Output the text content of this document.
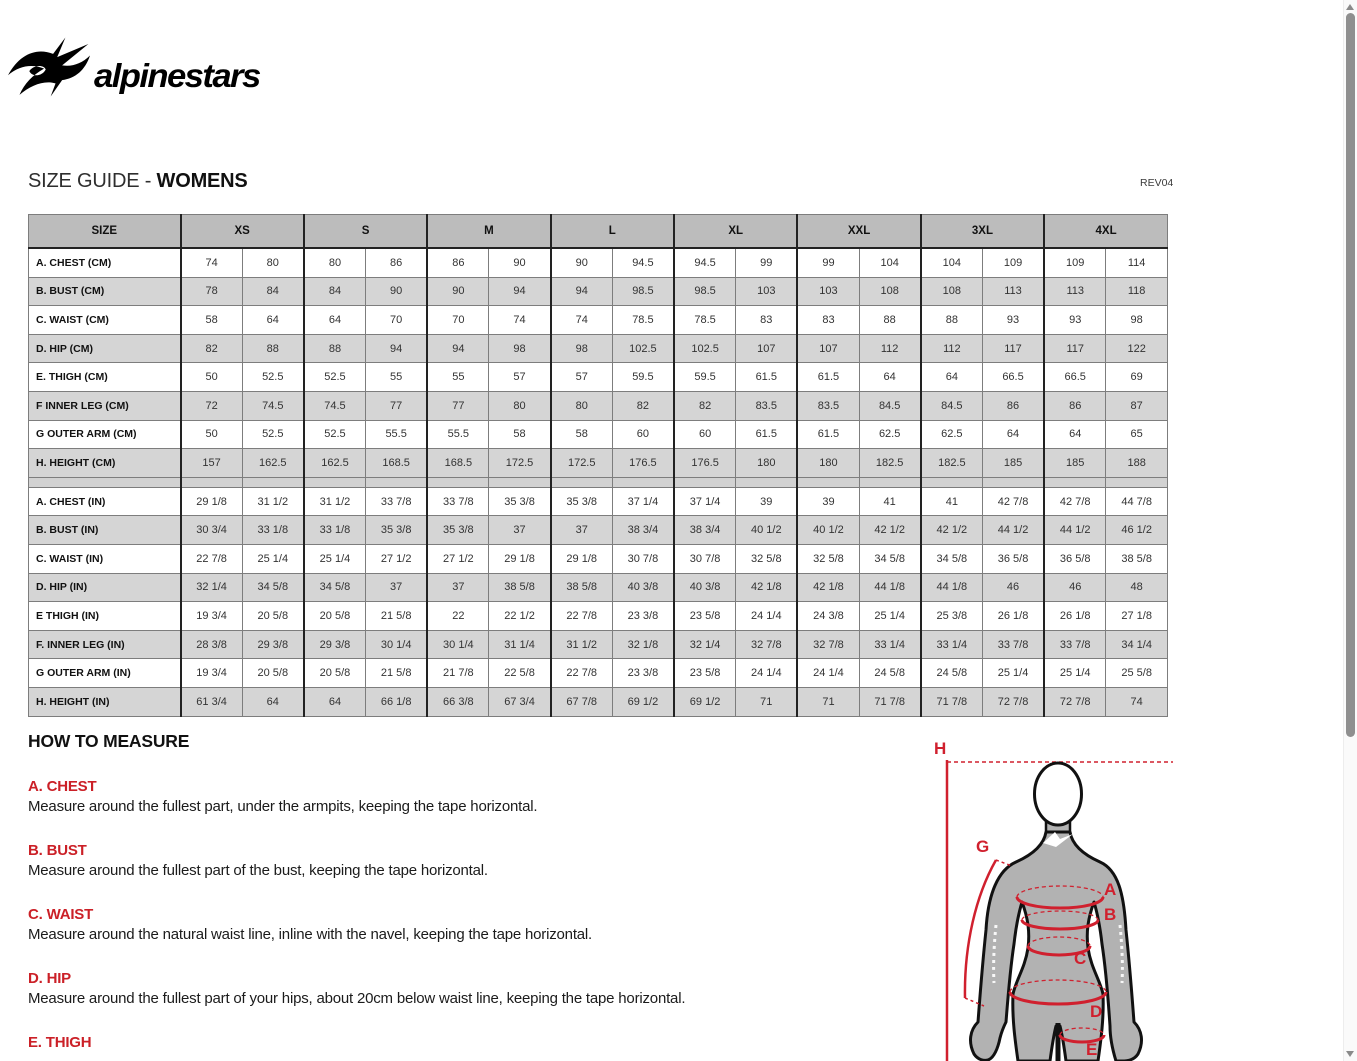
alpinestars
SIZE GUIDE - WOMENS	REV04
SIZE	XS		S		M		L		XL		XXL		3XL		4XL	
A. CHEST (CM)	74	80	80	86	86	90	90	94.5	94.5	99	99	104	104	109	109	114
B. BUST (CM)	78	84	84	90	90	94	94	98.5	98.5	103	103	108	108	113	113	118
C. WAIST (CM)	58	64	64	70	70	74	74	78.5	78.5	83	83	88	88	93	93	98
D. HIP (CM)	82	88	88	94	94	98	98	102.5	102.5	107	107	112	112	117	117	122
E. THIGH (CM)	50	52.5	52.5	55	55	57	57	59.5	59.5	61.5	61.5	64	64	66.5	66.5	69
F INNER LEG (CM)	72	74.5	74.5	77	77	80	80	82	82	83.5	83.5	84.5	84.5	86	86	87
G OUTER ARM (CM)	50	52.5	52.5	55.5	55.5	58	58	60	60	61.5	61.5	62.5	62.5	64	64	65
H. HEIGHT (CM)	157	162.5	162.5	168.5	168.5	172.5	172.5	176.5	176.5	180	180	182.5	182.5	185	185	188

A. CHEST (IN)	29 1/8	31 1/2	31 1/2	33 7/8	33 7/8	35 3/8	35 3/8	37 1/4	37 1/4	39	39	41	41	42 7/8	42 7/8	44 7/8
B. BUST (IN)	30 3/4	33 1/8	33 1/8	35 3/8	35 3/8	37	37	38 3/4	38 3/4	40 1/2	40 1/2	42 1/2	42 1/2	44 1/2	44 1/2	46 1/2
C. WAIST (IN)	22 7/8	25 1/4	25 1/4	27 1/2	27 1/2	29 1/8	29 1/8	30 7/8	30 7/8	32 5/8	32 5/8	34 5/8	34 5/8	36 5/8	36 5/8	38 5/8
D. HIP (IN)	32 1/4	34 5/8	34 5/8	37	37	38 5/8	38 5/8	40 3/8	40 3/8	42 1/8	42 1/8	44 1/8	44 1/8	46	46	48
E THIGH (IN)	19 3/4	20 5/8	20 5/8	21 5/8	22	22 1/2	22 7/8	23 3/8	23 5/8	24 1/4	24 3/8	25 1/4	25 3/8	26 1/8	26 1/8	27 1/8
F. INNER LEG (IN)	28 3/8	29 3/8	29 3/8	30 1/4	30 1/4	31 1/4	31 1/2	32 1/8	32 1/4	32 7/8	32 7/8	33 1/4	33 1/4	33 7/8	33 7/8	34 1/4
G OUTER ARM (IN)	19 3/4	20 5/8	20 5/8	21 5/8	21 7/8	22 5/8	22 7/8	23 3/8	23 5/8	24 1/4	24 1/4	24 5/8	24 5/8	25 1/4	25 1/4	25 5/8
H. HEIGHT (IN)	61 3/4	64	64	66 1/8	66 3/8	67 3/4	67 7/8	69 1/2	69 1/2	71	71	71 7/8	71 7/8	72 7/8	72 7/8	74
HOW TO MEASURE

A. CHEST

Measure around the fullest part, under the armpits, keeping the tape horizontal.

B. BUST

Measure around the fullest part of the bust, keeping the tape horizontal.

C. WAIST

Measure around the natural waist line, inline with the navel, keeping the tape horizontal.

D. HIP

Measure around the fullest part of your hips, about 20cm below waist line, keeping the tape horizontal.

E. THIGH

H
G
A
B
C
D
E
